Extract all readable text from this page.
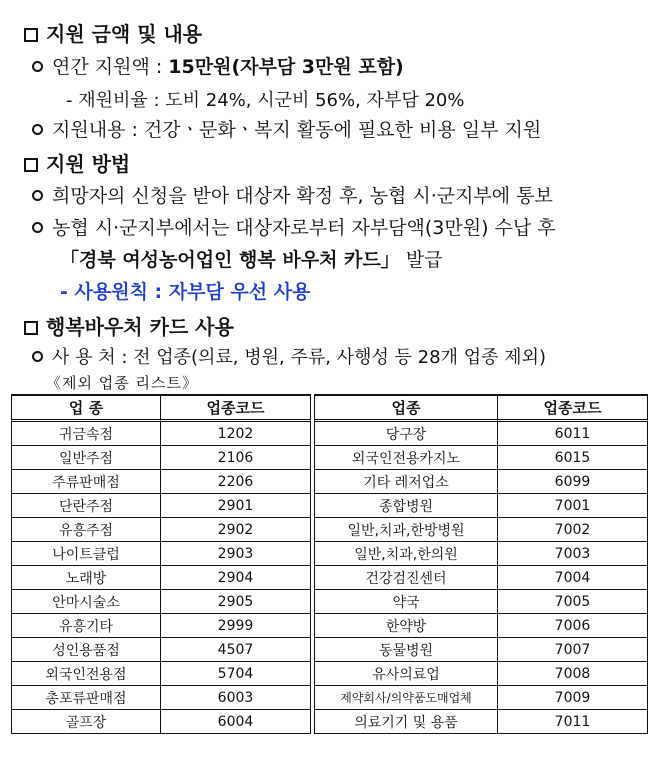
지원 금액 및 내용
연간 지원액 : 15만원(자부담 3만원 포함)
- 재원비율 : 도비 24%, 시군비 56%, 자부담 20%
지원내용 : 건강ㆍ문화ㆍ복지 활동에 필요한 비용 일부 지원
지원 방법
희망자의 신청을 받아 대상자 확정 후, 농협 시·군지부에 통보
농협 시·군지부에서는 대상자로부터 자부담액(3만원) 수납 후
「경북 여성농어업인 행복 바우처 카드」 발급
- 사용원칙 : 자부담 우선 사용
행복바우처 카드 사용
사 용 처 : 전 업종(의료, 병원, 주류, 사행성 등 28개 업종 제외)
《제외 업종 리스트》
업 종	업종코드		업종	업종코드
귀금속점	1202		당구장	6011
일반주점	2106		외국인전용카지노	6015
주류판매점	2206		기타 레저업소	6099
단란주점	2901		종합병원	7001
유흥주점	2902		일반,치과,한방병원	7002
나이트클럽	2903		일반,치과,한의원	7003
노래방	2904		건강검진센터	7004
안마시술소	2905		약국	7005
유흥기타	2999		한약방	7006
성인용품점	4507		동물병원	7007
외국인전용점	5704		유사의료업	7008
총포류판매점	6003		제약회사/의약품도매업체	7009
골프장	6004		의료기기 및 용품	7011
